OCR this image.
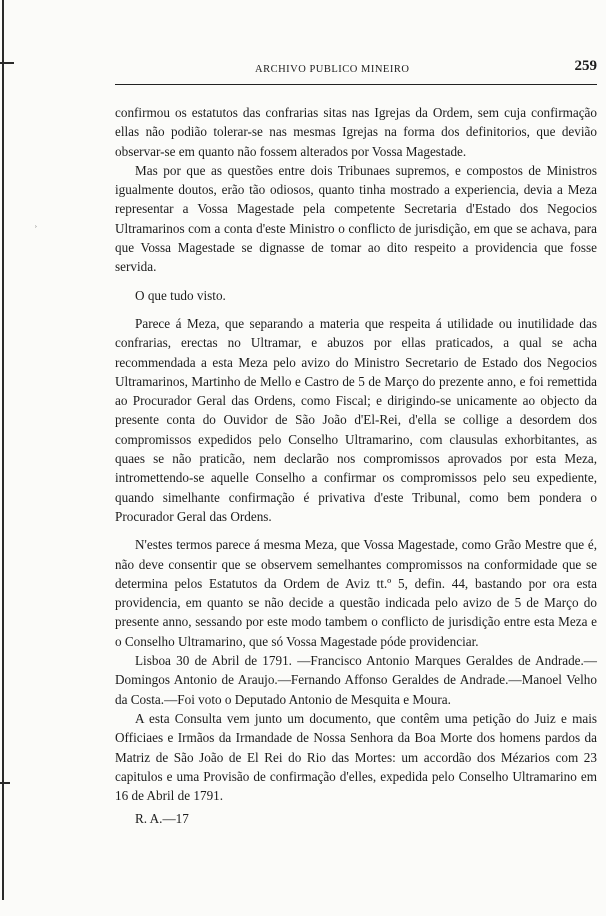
ʾ
ARCHIVO PUBLICO MINEIRO	259

confirmou os estatutos das confrarias sitas nas Igrejas da Ordem, sem cuja confirmação ellas não podião tolerar-se nas mesmas Igrejas na forma dos definitorios, que devião observar-se em quanto não fossem alterados por Vossa Magestade.

Mas por que as questões entre dois Tribunaes supremos, e compostos de Ministros igualmente doutos, erão tão odiosos, quanto tinha mostrado a experiencia, devia a Meza representar a Vossa Magestade pela competente Secretaria d'Estado dos Negocios Ultramarinos com a conta d'este Ministro o conflicto de jurisdição, em que se achava, para que Vossa Magestade se dignasse de tomar ao dito respeito a providencia que fosse servida.

O que tudo visto.

Parece á Meza, que separando a materia que respeita á utilidade ou inutilidade das confrarias, erectas no Ultramar, e abuzos por ellas praticados, a qual se acha recommendada a esta Meza pelo avizo do Ministro Secretario de Estado dos Negocios Ultramarinos, Martinho de Mello e Castro de 5 de Março do prezente anno, e foi remettida ao Procurador Geral das Ordens, como Fiscal; e dirigindo-se unicamente ao objecto da presente conta do Ouvidor de São João d'El-Rei, d'ella se collige a desordem dos compromissos expedidos pelo Conselho Ultramarino, com clausulas exhorbitantes, as quaes se não praticão, nem declarão nos compromissos aprovados por esta Meza, intromettendo-se aquelle Conselho a confirmar os compromissos pelo seu expediente, quando simelhante confirmação é privativa d'este Tribunal, como bem pondera o Procurador Geral das Ordens.

N'estes termos parece á mesma Meza, que Vossa Magestade, como Grão Mestre que é, não deve consentir que se observem semelhantes compromissos na conformidade que se determina pelos Estatutos da Ordem de Aviz tt.º 5, defin. 44, bastando por ora esta providencia, em quanto se não decide a questão indicada pelo avizo de 5 de Março do presente anno, sessando por este modo tambem o conflicto de jurisdição entre esta Meza e o Conselho Ultramarino, que só Vossa Magestade póde providenciar.

Lisboa 30 de Abril de 1791. —Francisco Antonio Marques Geraldes de Andrade.—Domingos Antonio de Araujo.—Fernando Affonso Geraldes de Andrade.—Manoel Velho da Costa.—Foi voto o Deputado Antonio de Mesquita e Moura.

A esta Consulta vem junto um documento, que contêm uma petição do Juiz e mais Officiaes e Irmãos da Irmandade de Nossa Senhora da Boa Morte dos homens pardos da Matriz de São João de El Rei do Rio das Mortes: um accordão dos Mézarios com 23 capitulos e uma Provisão de confirmação d'elles, expedida pelo Conselho Ultramarino em 16 de Abril de 1791.

R. A.—17
